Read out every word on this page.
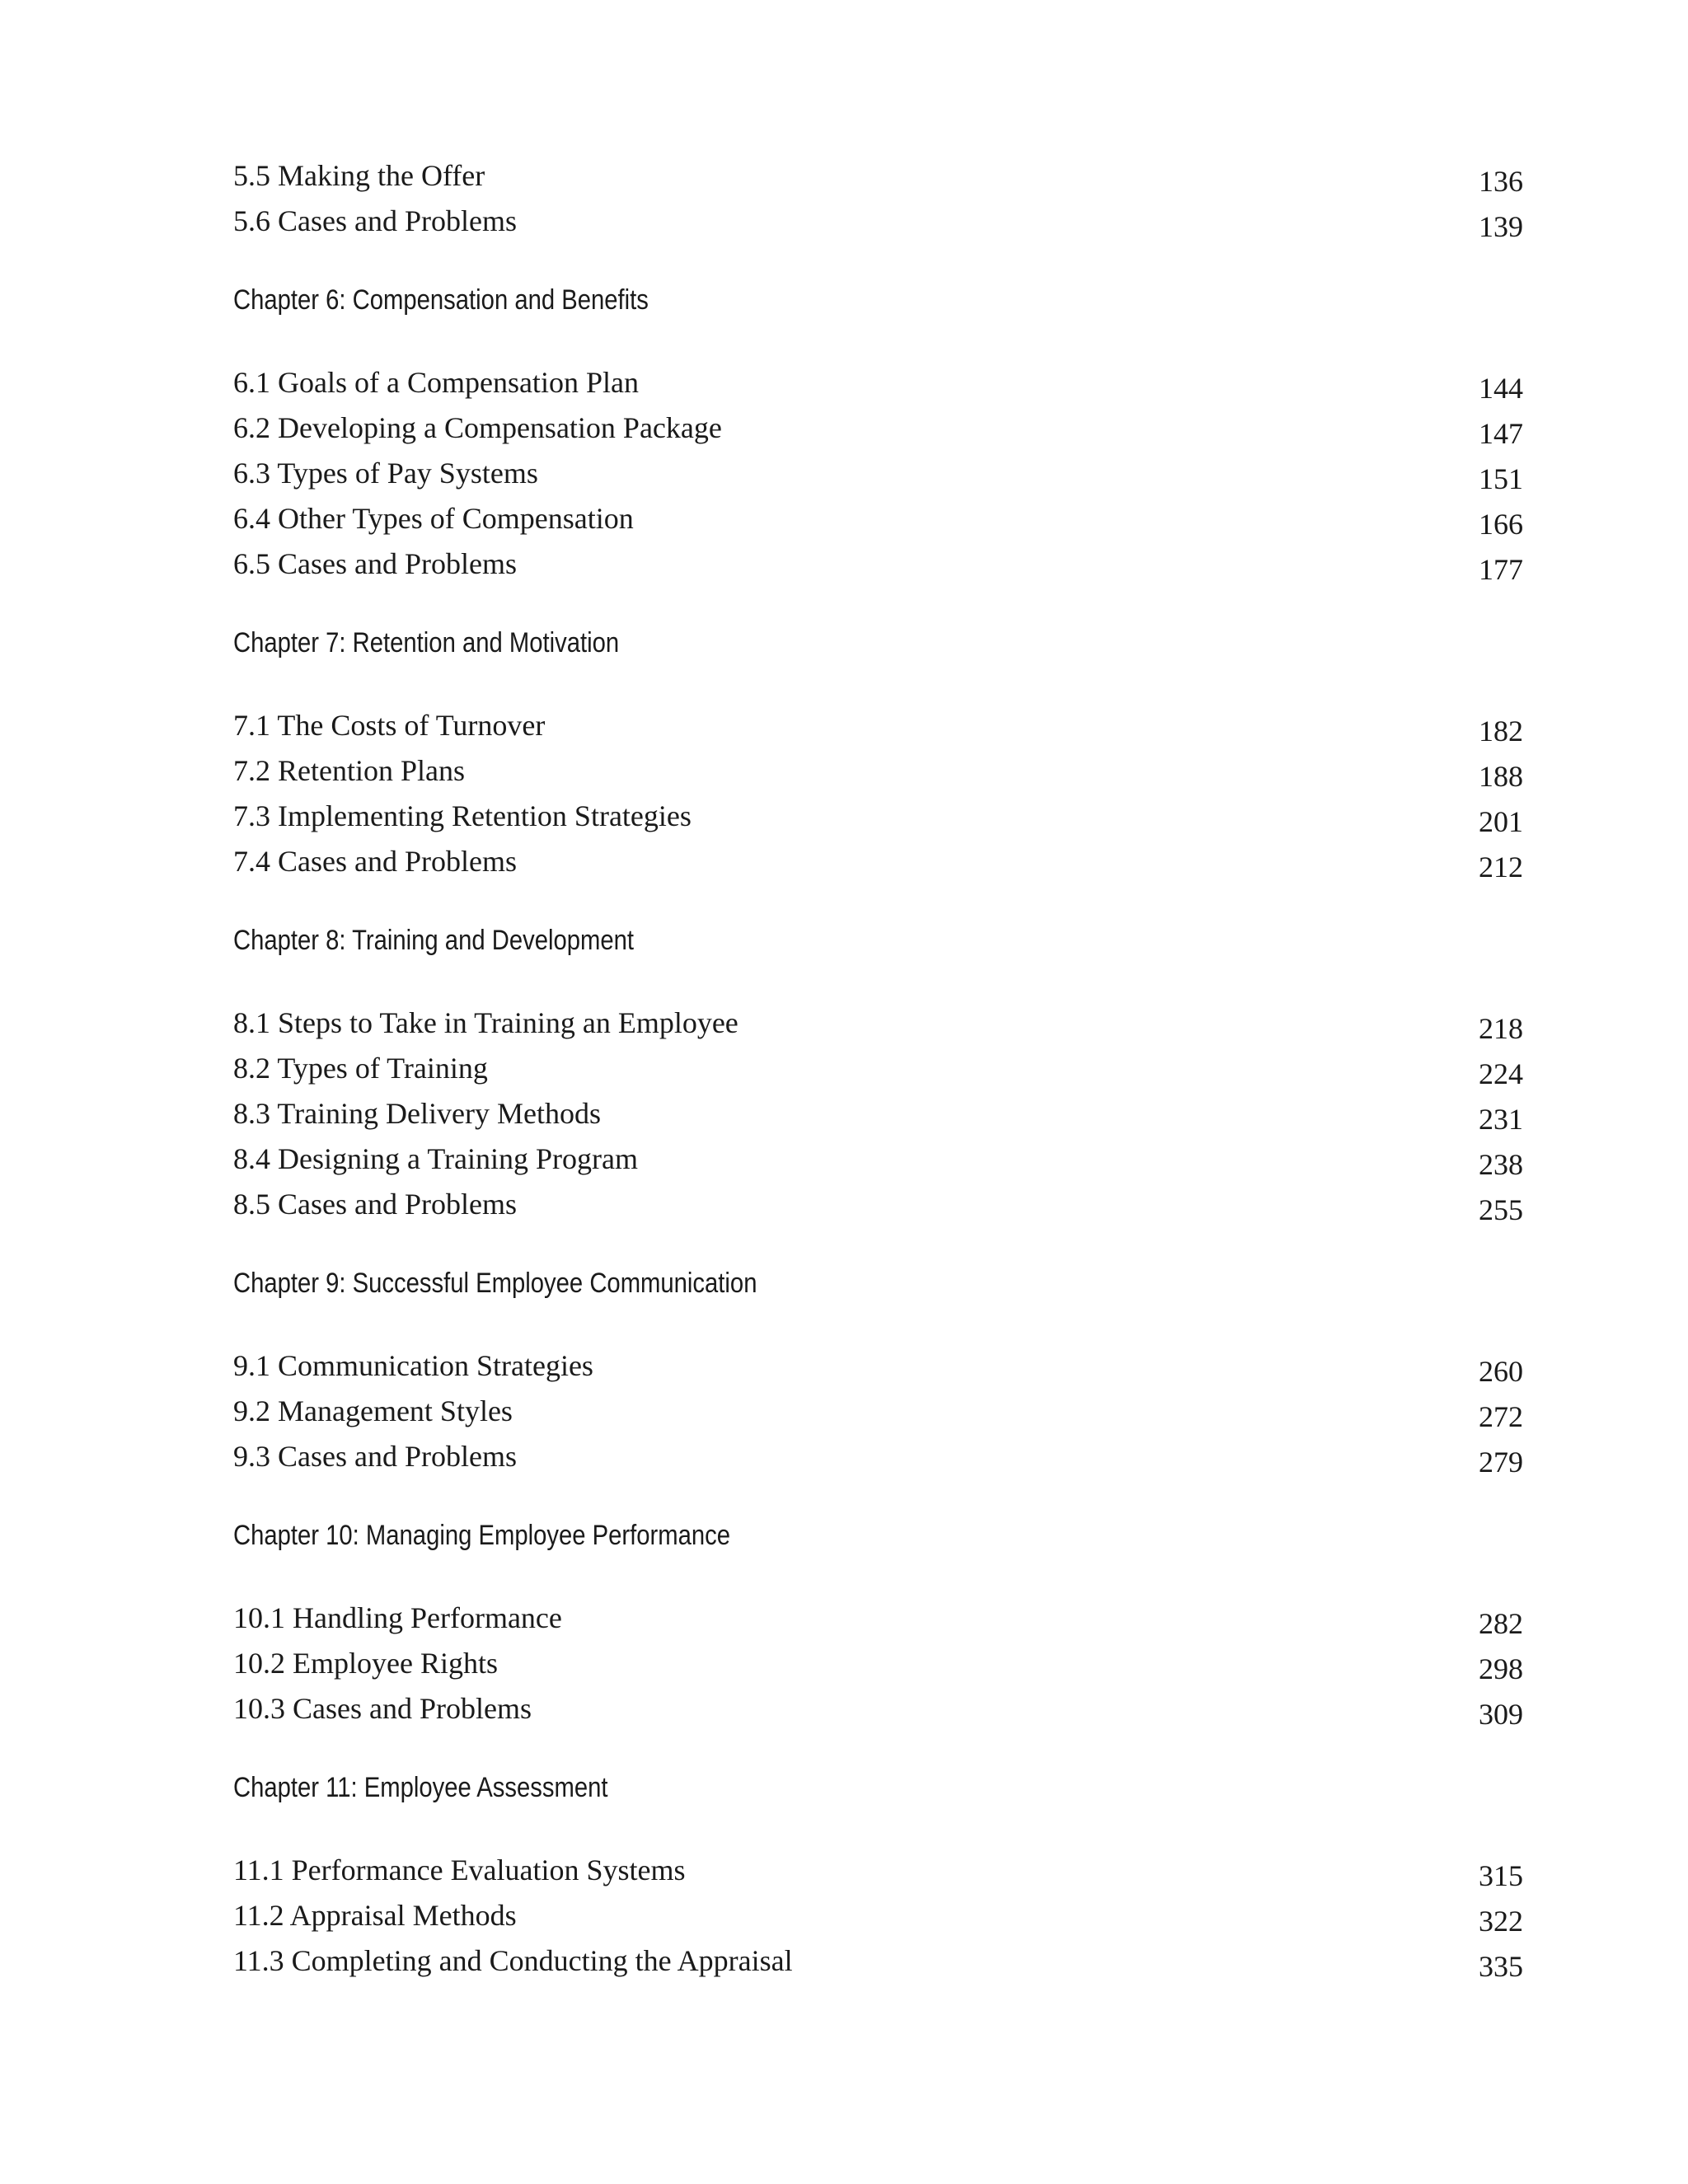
5.5 Making the Offer	136
5.6 Cases and Problems	139
Chapter 6: Compensation and Benefits
6.1 Goals of a Compensation Plan	144
6.2 Developing a Compensation Package	147
6.3 Types of Pay Systems	151
6.4 Other Types of Compensation	166
6.5 Cases and Problems	177
Chapter 7: Retention and Motivation
7.1 The Costs of Turnover	182
7.2 Retention Plans	188
7.3 Implementing Retention Strategies	201
7.4 Cases and Problems	212
Chapter 8: Training and Development
8.1 Steps to Take in Training an Employee	218
8.2 Types of Training	224
8.3 Training Delivery Methods	231
8.4 Designing a Training Program	238
8.5 Cases and Problems	255
Chapter 9: Successful Employee Communication
9.1 Communication Strategies	260
9.2 Management Styles	272
9.3 Cases and Problems	279
Chapter 10: Managing Employee Performance
10.1 Handling Performance	282
10.2 Employee Rights	298
10.3 Cases and Problems	309
Chapter 11: Employee Assessment
11.1 Performance Evaluation Systems	315
11.2 Appraisal Methods	322
11.3 Completing and Conducting the Appraisal	335
